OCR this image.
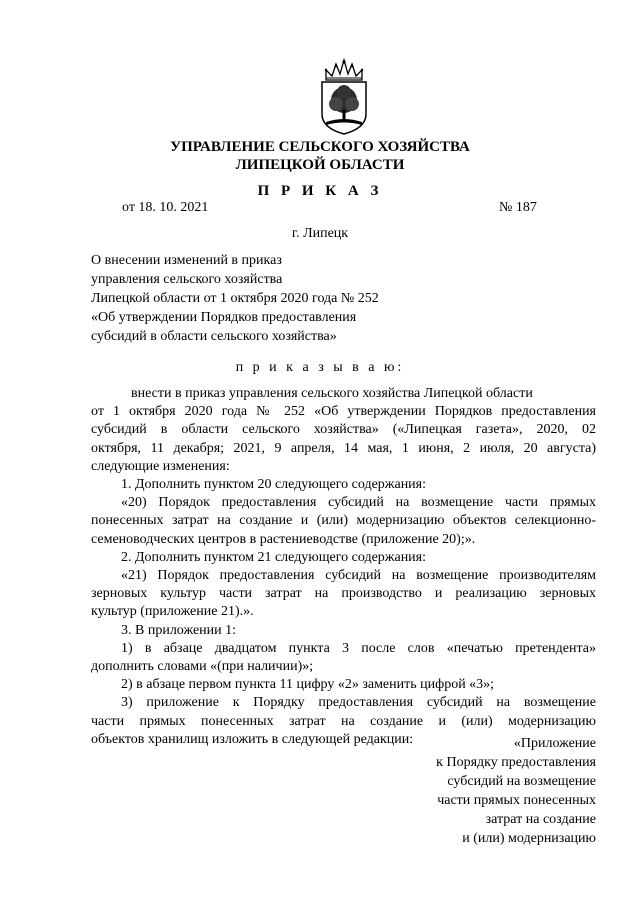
УПРАВЛЕНИЕ СЕЛЬСКОГО ХОЗЯЙСТВА
ЛИПЕЦКОЙ ОБЛАСТИ
П Р И К А З
от 18. 10. 2021	№ 187
г. Липецк
О внесении изменений в приказ
управления сельского хозяйства
Липецкой области от 1 октября 2020 года № 252
«Об утверждении Порядков предоставления
субсидий в области сельского хозяйства»
п р и к а з ы в а ю:
внести в приказ управления сельского хозяйства Липецкой области
от 1 октября 2020 года № 252 «Об утверждении Порядков предоставления
субсидий в области сельского хозяйства» («Липецкая газета», 2020, 02
октября, 11 декабря; 2021, 9 апреля, 14 мая, 1 июня, 2 июля, 20 августа)
следующие изменения:
1. Дополнить пунктом 20 следующего содержания:
«20) Порядок предоставления субсидий на возмещение части прямых
понесенных затрат на создание и (или) модернизацию объектов селекционно-
семеноводческих центров в растениеводстве (приложение 20);».
2. Дополнить пунктом 21 следующего содержания:
«21) Порядок предоставления субсидий на возмещение производителям
зерновых культур части затрат на производство и реализацию зерновых
культур (приложение 21).».
3. В приложении 1:
1) в абзаце двадцатом пункта 3 после слов «печатью претендента»
дополнить словами «(при наличии)»;
2) в абзаце первом пункта 11 цифру «2» заменить цифрой «3»;
3) приложение к Порядку предоставления субсидий на возмещение
части прямых понесенных затрат на создание и (или) модернизацию
объектов хранилищ изложить в следующей редакции:	«Приложение
к Порядку предоставления
субсидий на возмещение
части прямых понесенных
затрат на создание
и (или) модернизацию
